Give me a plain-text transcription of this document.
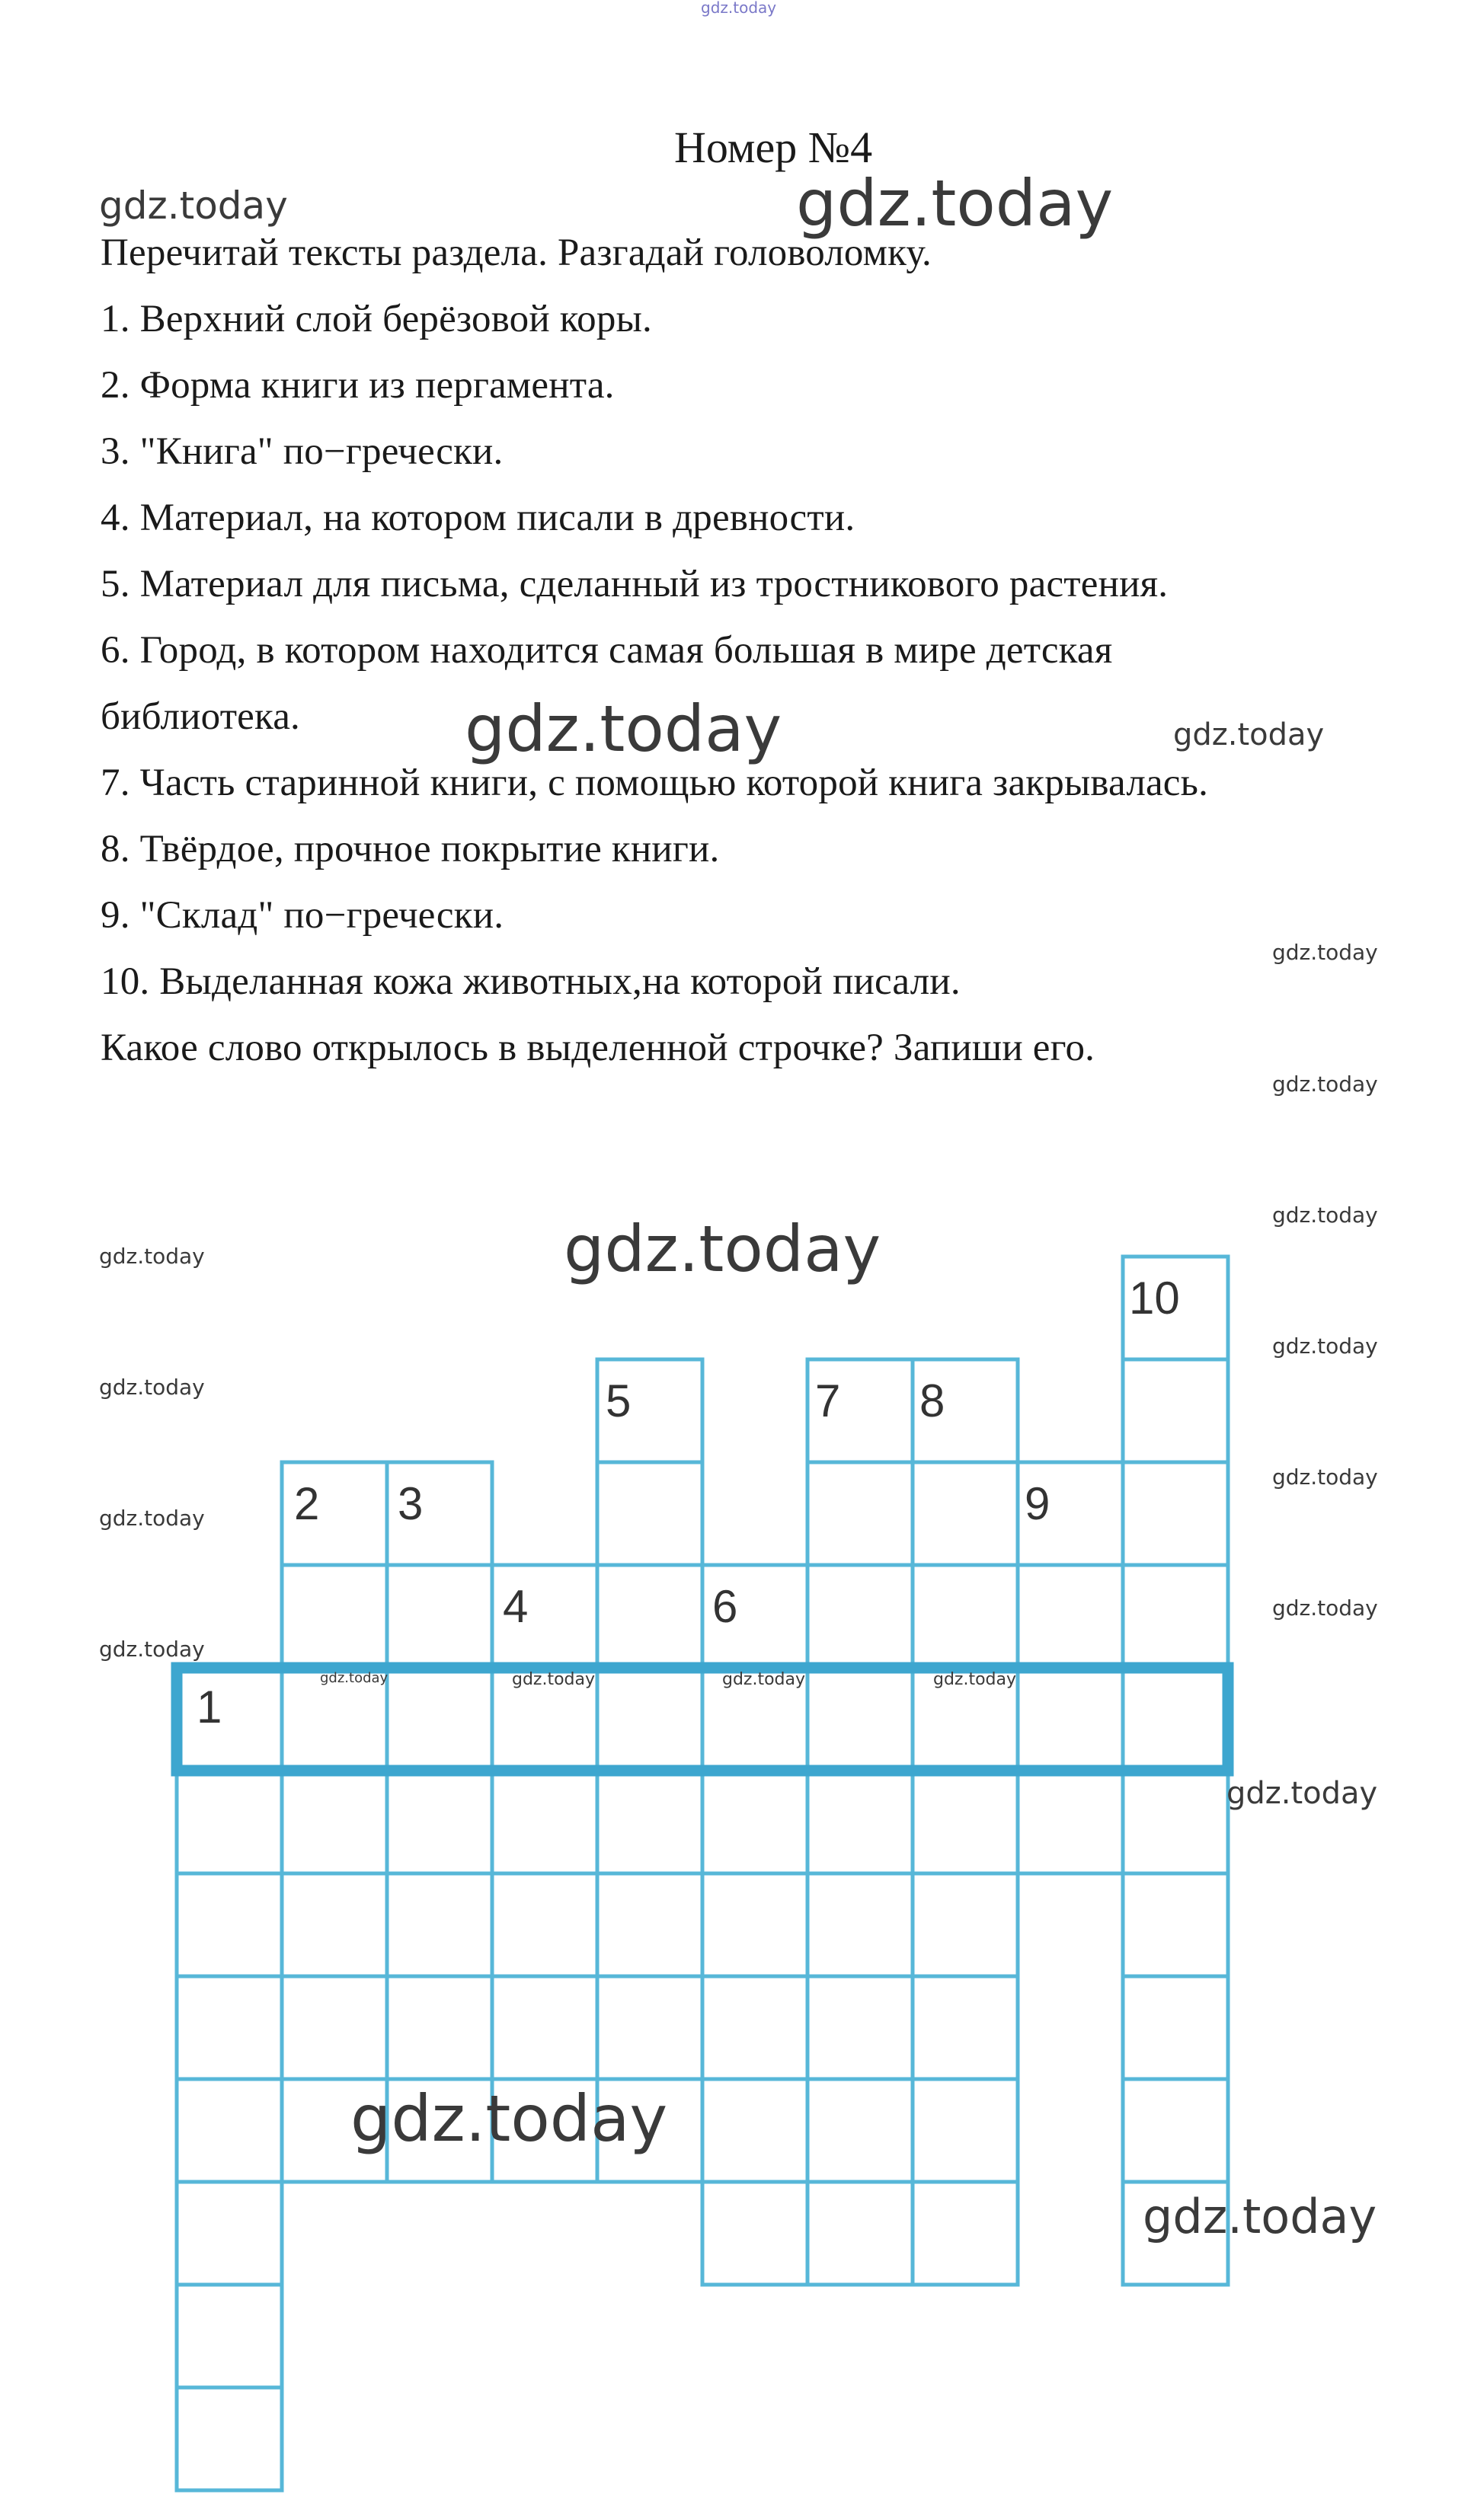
gdz.today
Номер №4
Перечитай тексты раздела. Разгадай головоломку.
1. Верхний слой берёзовой коры.
2. Форма книги из пергамента.
3. "Книга" по−гречески.
4. Материал, на котором писали в древности.
5. Материал для письма, сделанный из тростникового растения.
6. Город, в котором находится самая большая в мире детская
библиотека.
7. Часть старинной книги, с помощью которой книга закрывалась.
8. Твёрдое, прочное покрытие книги.
9. "Склад" по−гречески.
10. Выделанная кожа животных,на которой писали.
Какое слово открылось в выделенной строчке? Запиши его.
1
2 3
4
5
6
7 8
9
10
gdz.today	gdz.today
gdz.today	gdz.today
gdz.today
gdz.today
gdz.today
gdz.today
gdz.today
gdz.today
gdz.today
gdz.today
gdz.today
gdz.today
gdz.today
gdz.today	gdz.today	gdz.today	gdz.today
gdz.today
gdz.today
gdz.today
